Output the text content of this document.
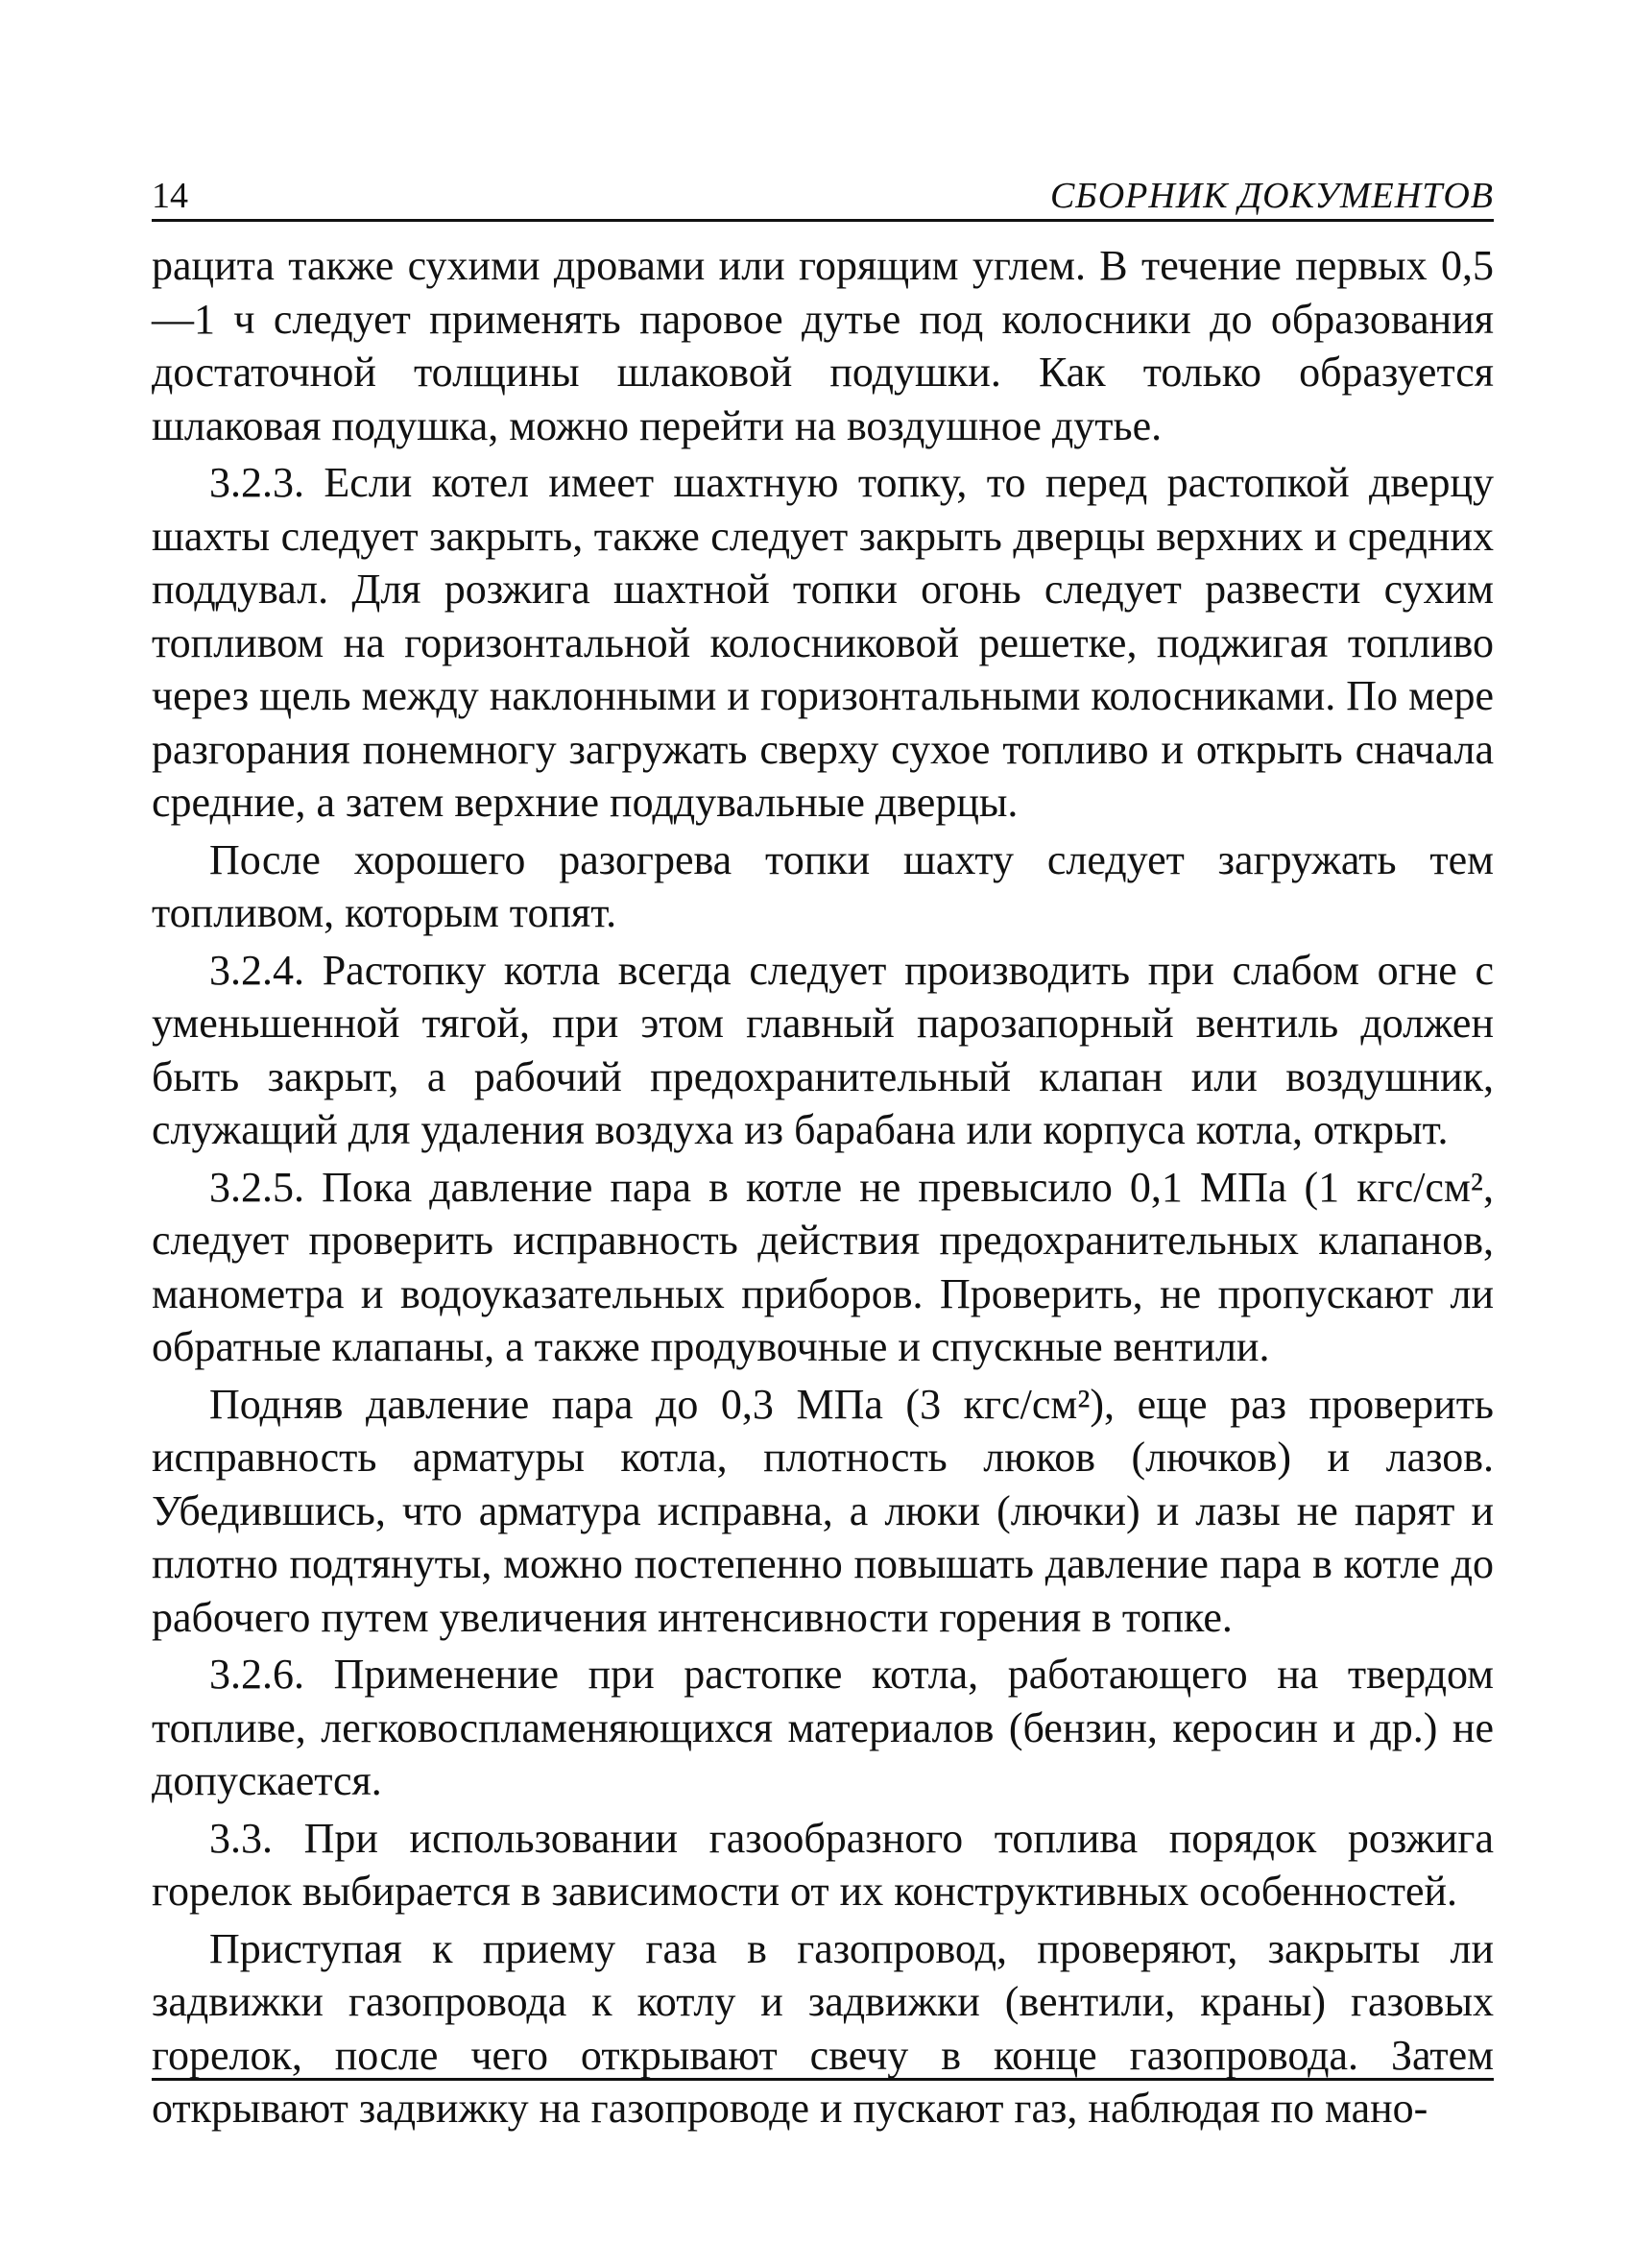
14	СБОРНИК ДОКУМЕНТОВ

рацита также сухими дровами или горящим углем. В течение первых 0,5—1 ч следует применять паровое дутье под колосники до образования достаточной толщины шлаковой подушки. Как только образуется шлаковая подушка, можно перейти на воздушное дутье.

3.2.3. Если котел имеет шахтную топку, то перед растопкой дверцу шахты следует закрыть, также следует закрыть дверцы верхних и средних поддувал. Для розжига шахтной топки огонь следует развести сухим топливом на горизонтальной колосниковой решетке, поджигая топливо через щель между наклонными и горизонтальными колосниками. По мере разгорания понемногу загружать сверху сухое топливо и открыть сначала средние, а затем верхние поддувальные дверцы.

После хорошего разогрева топки шахту следует загружать тем топливом, которым топят.

3.2.4. Растопку котла всегда следует производить при слабом огне с уменьшенной тягой, при этом главный парозапорный вентиль должен быть закрыт, а рабочий предохранительный клапан или воздушник, служащий для удаления воздуха из барабана или корпуса котла, открыт.

3.2.5. Пока давление пара в котле не превысило 0,1 МПа (1 кгс/см², следует проверить исправность действия предохранительных клапанов, манометра и водоуказательных приборов. Проверить, не пропускают ли обратные клапаны, а также продувочные и спускные вентили.

Подняв давление пара до 0,3 МПа (3 кгс/см²), еще раз проверить исправность арматуры котла, плотность люков (лючков) и лазов. Убедившись, что арматура исправна, а люки (лючки) и лазы не парят и плотно подтянуты, можно постепенно повышать давление пара в котле до рабочего путем увеличения интенсивности горения в топке.

3.2.6. Применение при растопке котла, работающего на твердом топливе, легковоспламеняющихся материалов (бензин, керосин и др.) не допускается.

3.3. При использовании газообразного топлива порядок розжига горелок выбирается в зависимости от их конструктивных особенностей.

Приступая к приему газа в газопровод, проверяют, закрыты ли задвижки газопровода к котлу и задвижки (вентили, краны) газовых горелок, после чего открывают свечу в конце газопровода. Затем открывают задвижку на газопроводе и пускают газ, наблюдая по мано-
